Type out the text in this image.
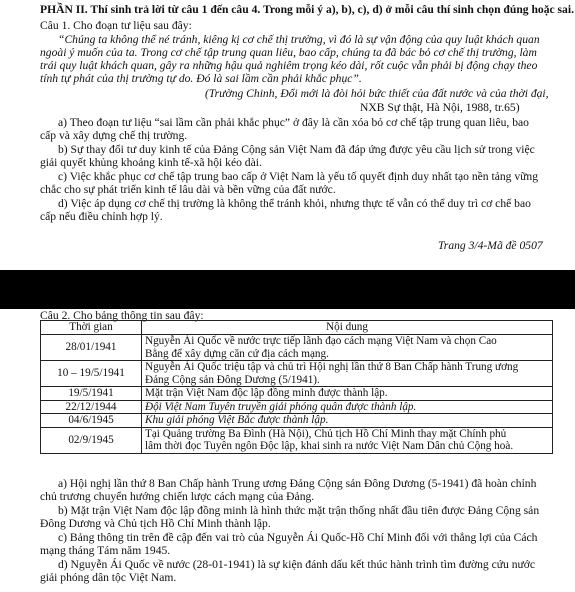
PHẦN II. Thí sinh trả lời từ câu 1 đến câu 4. Trong mỗi ý a), b), c), d) ở mỗi câu thí sinh chọn đúng hoặc sai.
Câu 1. Cho đoạn tư liệu sau đây:
“Chúng ta không thể né tránh, kiêng kị cơ chế thị trường, vì đó là sự vận động của quy luật khách quan
ngoài ý muốn của ta. Trong cơ chế tập trung quan liêu, bao cấp, chúng ta đã bác bỏ cơ chế thị trường, làm
trái quy luật khách quan, gây ra những hậu quả nghiêm trọng kéo dài, rốt cuộc vẫn phải bị động chạy theo
tính tự phát của thị trường tự do. Đó là sai lầm cần phải khắc phục”.
(Trường Chinh, Đổi mới là đòi hỏi bức thiết của đất nước và của thời đại,
NXB Sự thật, Hà Nội, 1988, tr.65)
a) Theo đoạn tư liệu “sai lầm cần phải khắc phục” ở đây là cần xóa bỏ cơ chế tập trung quan liêu, bao
cấp và xây dựng chế thị trường.
b) Sự thay đổi tư duy kinh tế của Đảng Cộng sản Việt Nam đã đáp ứng được yêu cầu lịch sử trong việc
giải quyết khủng khoảng kinh tế-xã hội kéo dài.
c) Việc khắc phục cơ chế tập trung bao cấp ở Việt Nam là yếu tố quyết định duy nhất tạo nền tảng vững
chắc cho sự phát triển kinh tế lâu dài và bền vững của đất nước.
d) Việc áp dụng cơ chế thị trường là không thể tránh khỏi, nhưng thực tế vẫn có thể duy trì cơ chế bao
cấp nếu điều chỉnh hợp lý.
Trang 3/4-Mã đề 0507
Câu 2. Cho bảng thông tin sau đây:
Thời gian	Nội dung
28/01/1941	Nguyễn Ái Quốc về nước trực tiếp lãnh đạo cách mạng Việt Nam và chọn Cao
Bằng để xây dựng căn cứ địa cách mạng.

10 – 19/5/1941	Nguyễn Ái Quốc triệu tập và chủ trì Hội nghị lần thứ 8 Ban Chấp hành Trung ương
Đảng Cộng sản Đông Dương (5/1941).

19/5/1941	Mặt trận Việt Nam độc lập đồng minh được thành lập.
22/12/1944	Đội Việt Nam Tuyên truyền giải phóng quân được thành lập.
04/6/1945	Khu giải phóng Việt Bắc được thành lập.
02/9/1945	Tại Quảng trường Ba Đình (Hà Nội), Chủ tịch Hồ Chí Minh thay mặt Chính phủ
lâm thời đọc Tuyên ngôn Độc lập, khai sinh ra nước Việt Nam Dân chủ Cộng hoà.
a) Hội nghị lần thứ 8 Ban Chấp hành Trung ương Đảng Cộng sản Đông Dương (5-1941) đã hoàn chỉnh
chủ trương chuyển hướng chiến lược cách mạng của Đảng.
b) Mặt trận Việt Nam độc lập đồng minh là hình thức mặt trận thống nhất đầu tiên được Đảng Cộng sản
Đông Dương và Chủ tịch Hồ Chí Minh thành lập.
c) Bảng thông tin trên đề cập đến vai trò của Nguyễn Ái Quốc-Hồ Chí Minh đối với thắng lợi của Cách
mạng tháng Tám năm 1945.
d) Nguyễn Ái Quốc về nước (28-01-1941) là sự kiện đánh dấu kết thúc hành trình tìm đường cứu nước
giải phóng dân tộc Việt Nam.
